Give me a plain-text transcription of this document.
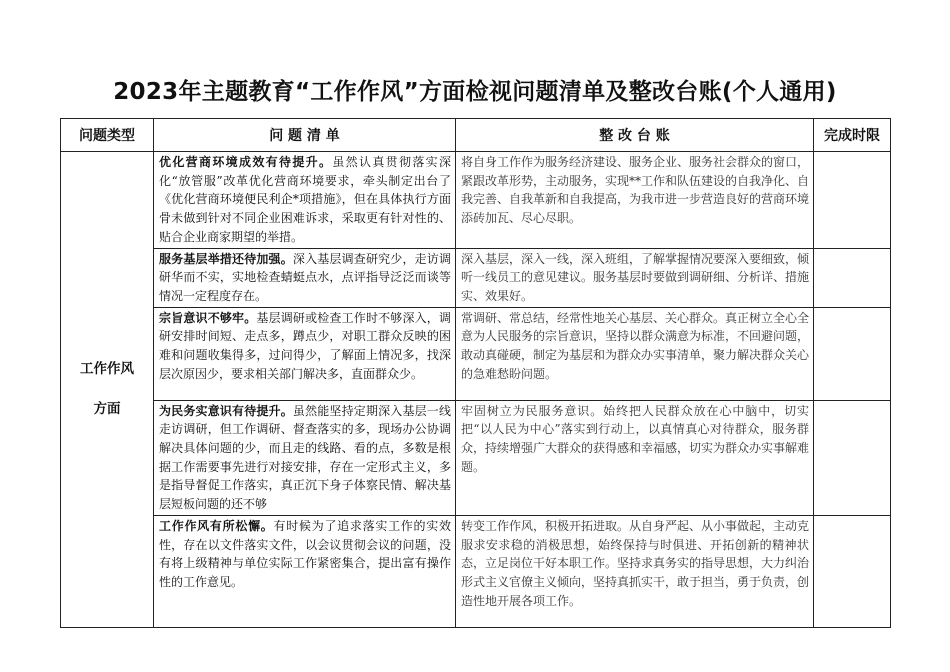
2023年主题教育“工作作风”方面检视问题清单及整改台账(个人通用)
问题类型	问 题 清 单	整 改 台 账	完成时限

工作作风
方面	优化营商环境成效有待提升。虽然认真贯彻落实深化“放管服”改革优化营商环境要求，牵头制定出台了《优化营商环境便民利企*项措施》，但在具体执行方面骨未做到针对不同企业困难诉求，采取更有针对性的、贴合企业商家期望的举措。	将自身工作作为服务经济建设、服务企业、服务社会群众的窗口，紧跟改革形势，主动服务，实现**工作和队伍建设的自我净化、自我完善、自我革新和自我提高，为我市进一步营造良好的营商环境添砖加瓦、尽心尽职。	

	服务基层举措还待加强。深入基层调查研究少，走访调研华而不实，实地检查蜻蜓点水，点评指导泛泛而谈等情况一定程度存在。	深入基层，深入一线，深入班组，了解掌握情况要深入要细致，倾听一线员工的意见建议。服务基层时要做到调研细、分析详、措施实、效果好。	

	宗旨意识不够牢。基层调研或检查工作时不够深入，调研安排时间短、走点多，蹲点少，对职工群众反映的困难和问题收集得多，过问得少，了解面上情况多，找深层次原因少，要求相关部门解决多，直面群众少。	常调研、常总结，经常性地关心基层、关心群众。真正树立全心全意为人民服务的宗旨意识，坚持以群众满意为标准，不回避问题，敢动真碰硬，制定为基层和为群众办实事清单，聚力解决群众关心的急难愁盼问题。	

	为民务实意识有待提升。虽然能坚持定期深入基层一线走访调研，但工作调研、督查落实的多，现场办公协调解决具体问题的少，而且走的线路、看的点，多数是根据工作需要事先进行对接安排，存在一定形式主义，多是指导督促工作落实，真正沉下身子体察民情、解决基层短板问题的还不够	牢固树立为民服务意识。始终把人民群众放在心中脑中，切实把“以人民为中心”落实到行动上，以真情真心对待群众，服务群众，持续增强广大群众的获得感和幸福感，切实为群众办实事解难题。	

	工作作风有所松懈。有时候为了追求落实工作的实效性，存在以文件落实文件，以会议贯彻会议的问题，没有将上级精神与单位实际工作紧密集合，提出富有操作性的工作意见。	转变工作作风，积极开拓进取。从自身严起、从小事做起，主动克服求安求稳的消极思想，始终保持与时俱进、开拓创新的精神状态，立足岗位干好本职工作。坚持求真务实的指导思想，大力纠治形式主义官僚主义倾向，坚持真抓实干，敢于担当，勇于负责，创造性地开展各项工作。	
